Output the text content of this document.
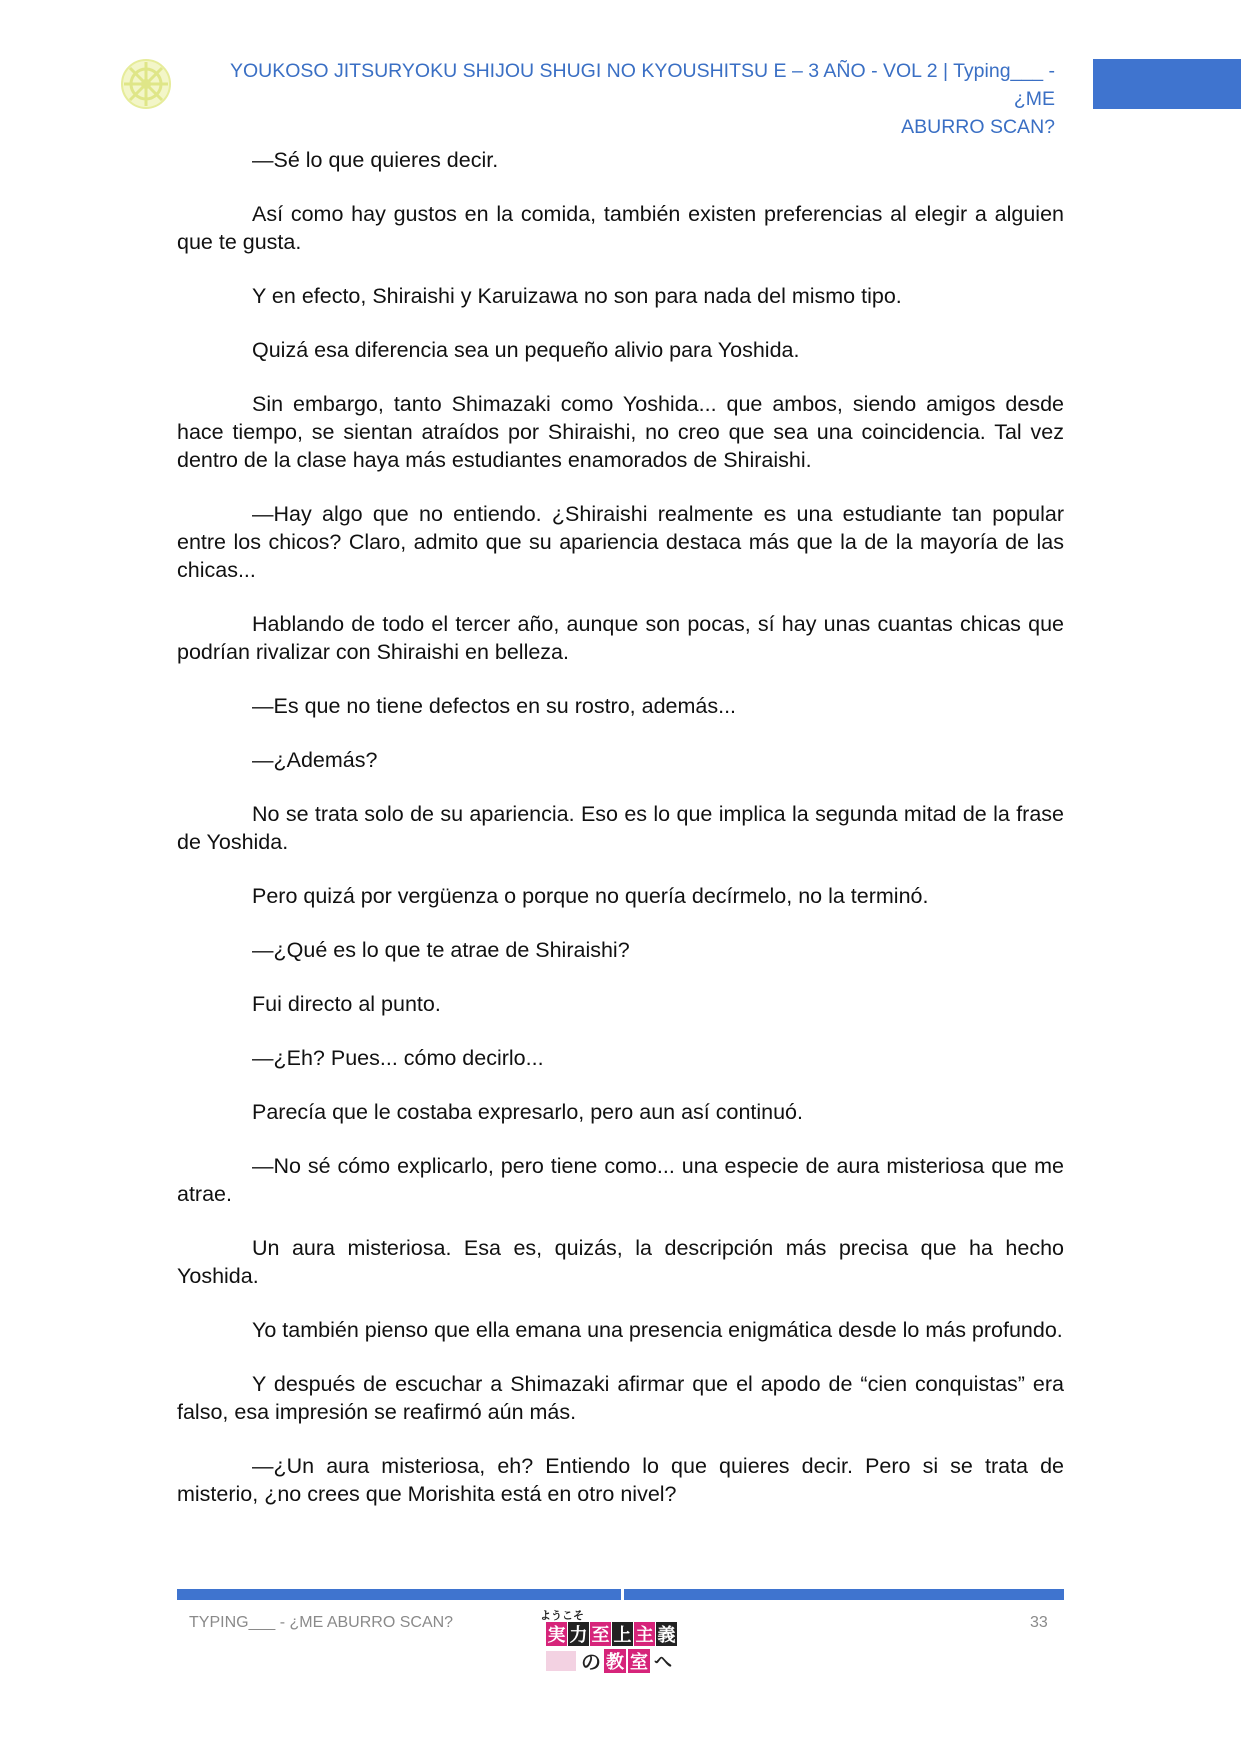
YOUKOSO JITSURYOKU SHIJOU SHUGI NO KYOUSHITSU E – 3 AÑO - VOL 2 | Typing___ - ¿ME
ABURRO SCAN?

—Sé lo que quieres decir.

Así como hay gustos en la comida, también existen preferencias al elegir a alguien que te gusta.

Y en efecto, Shiraishi y Karuizawa no son para nada del mismo tipo.

Quizá esa diferencia sea un pequeño alivio para Yoshida.

Sin embargo, tanto Shimazaki como Yoshida... que ambos, siendo amigos desde hace tiempo, se sientan atraídos por Shiraishi, no creo que sea una coincidencia. Tal vez dentro de la clase haya más estudiantes enamorados de Shiraishi.

—Hay algo que no entiendo. ¿Shiraishi realmente es una estudiante tan popular entre los chicos? Claro, admito que su apariencia destaca más que la de la mayoría de las chicas...

Hablando de todo el tercer año, aunque son pocas, sí hay unas cuantas chicas que podrían rivalizar con Shiraishi en belleza.

—Es que no tiene defectos en su rostro, además...

—¿Además?

No se trata solo de su apariencia. Eso es lo que implica la segunda mitad de la frase de Yoshida.

Pero quizá por vergüenza o porque no quería decírmelo, no la terminó.

—¿Qué es lo que te atrae de Shiraishi?

Fui directo al punto.

—¿Eh? Pues... cómo decirlo...

Parecía que le costaba expresarlo, pero aun así continuó.

—No sé cómo explicarlo, pero tiene como... una especie de aura misteriosa que me atrae.

Un aura misteriosa. Esa es, quizás, la descripción más precisa que ha hecho Yoshida.

Yo también pienso que ella emana una presencia enigmática desde lo más profundo.

Y después de escuchar a Shimazaki afirmar que el apodo de “cien conquistas” era falso, esa impresión se reafirmó aún más.

—¿Un aura misteriosa, eh? Entiendo lo que quieres decir. Pero si se trata de misterio, ¿no crees que Morishita está en otro nivel?

TYPING___ - ¿ME ABURRO SCAN?	33
ようこそ
実 力 至 上 主 義
の 教 室 へ
